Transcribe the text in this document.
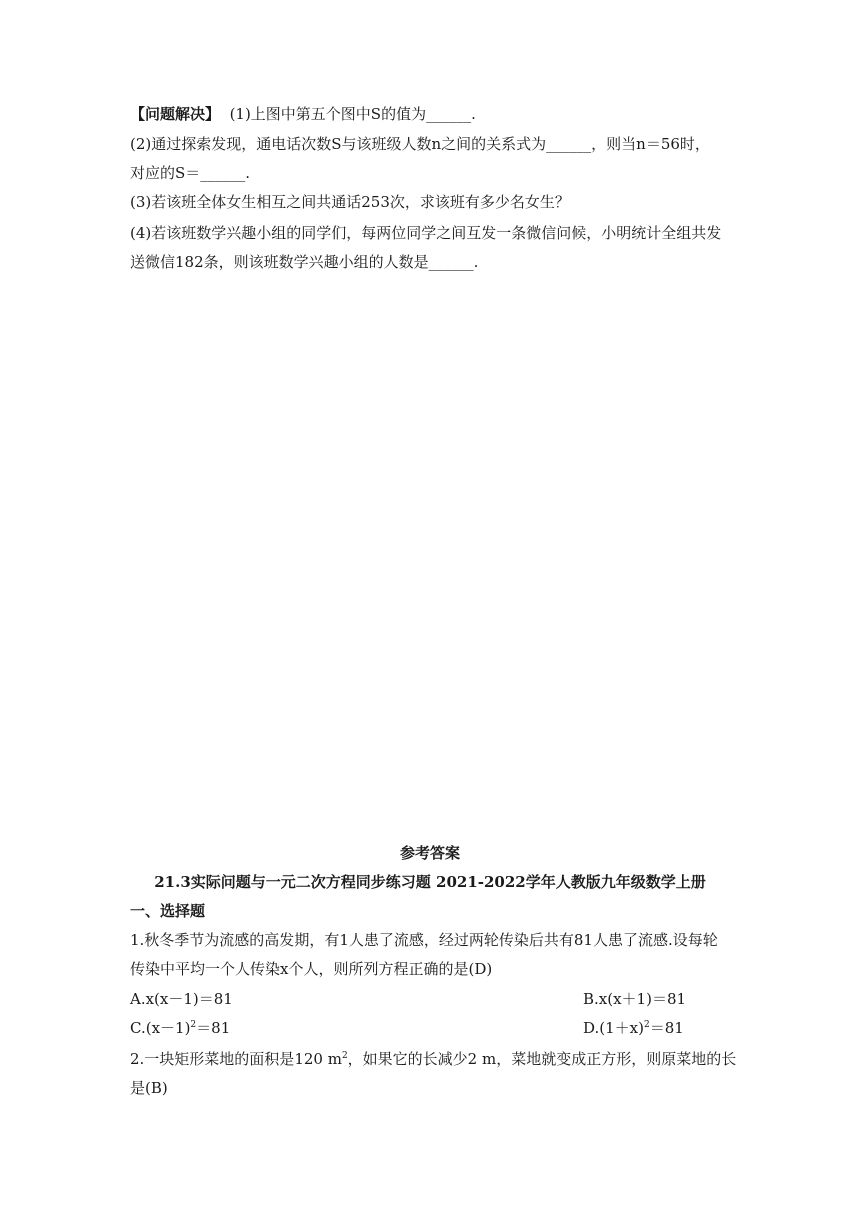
【问题解决】 (1)上图中第五个图中S的值为______.
(2)通过探索发现，通电话次数S与该班级人数n之间的关系式为______，则当n＝56时，
对应的S＝______.
(3)若该班全体女生相互之间共通话253次，求该班有多少名女生？
(4)若该班数学兴趣小组的同学们，每两位同学之间互发一条微信问候，小明统计全组共发
送微信182条，则该班数学兴趣小组的人数是______.
参考答案
21.3实际问题与一元二次方程同步练习题 2021-2022学年人教版九年级数学上册
一、选择题
1.秋冬季节为流感的高发期，有1人患了流感，经过两轮传染后共有81人患了流感.设每轮
传染中平均一个人传染x个人，则所列方程正确的是(D)
A.x(x－1)＝81	B.x(x＋1)＝81
$C.(x-1)^2=81$	$D.(1+x)^2=81$
2.一块矩形菜地的面积是120 $m^2$，如果它的长减少2 m，菜地就变成正方形，则原菜地的长
是(B)
